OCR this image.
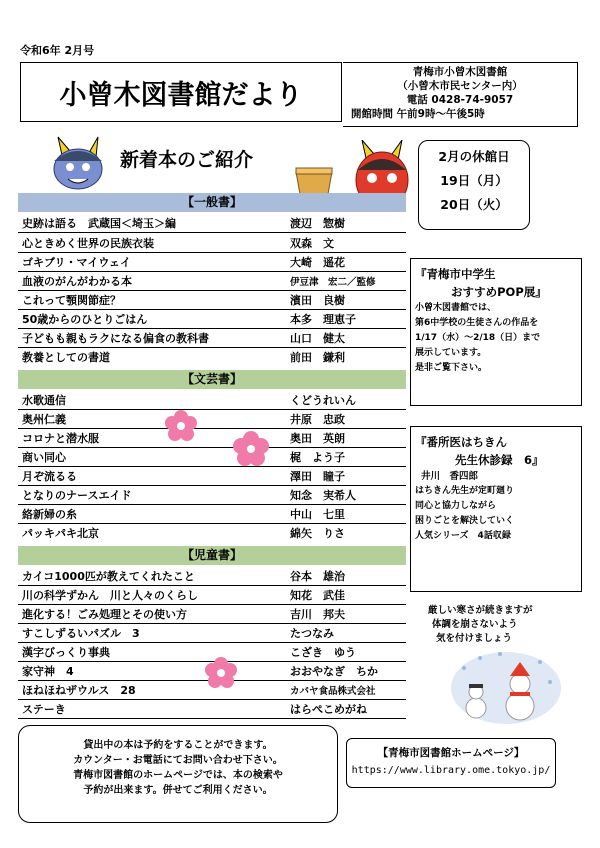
令和6年 2月号
小曾木図書館だより
青梅市小曾木図書館
（小曾木市民センター内）
電話 0428-74-9057
開館時間 午前9時～午後5時
新着本のご紹介	2月の休館日
19日（月）
20日（火）
【一般書】
史跡は語る　武蔵国＜埼玉＞編	渡辺　惣樹
心ときめく世界の民族衣装	双森　文
ゴキブリ・マイウェイ	大崎　遥花
血液のがんがわかる本	伊豆津　宏二／監修
これって顎関節症？	濱田　良樹
50歳からのひとりごはん	本多　理恵子
子どもも親もラクになる偏食の教科書	山口　健太
教養としての書道	前田　鎌利
【文芸書】
水歌通信	くどうれいん
奥州仁義	井原　忠政
コロナと潜水服	奥田　英朗
商い同心	梶　よう子
月ぞ流るる	澤田　瞳子
となりのナースエイド	知念　実希人
絡新婦の糸	中山　七里
パッキパキ北京	綿矢　りさ
【児童書】
カイコ1000匹が教えてくれたこと	谷本　雄治
川の科学ずかん　川と人々のくらし	知花　武佳
進化する！ごみ処理とその使い方	吉川　邦夫
すこしずるいパズル　3	たつなみ
漢字びっくり事典	こざき　ゆう
家守神　4	おおやなぎ　ちか
ほねほねザウルス　28	カバヤ食品株式会社
ステーき	はらぺこめがね
『青梅市中学生
おすすめPOP展』
小曾木図書館では、
第6中学校の生徒さんの作品を
1/17（水）～2/18（日）まで
展示しています。
是非ご覧下さい。
『番所医はちきん
先生休診録　6』
井川　香四郎
はちきん先生が定町廻り
同心と協力しながら
困りごとを解決していく
人気シリーズ　4話収録
厳しい寒さが続きますが
体調を崩さないよう
気を付けましょう
貸出中の本は予約をすることができます。
カウンター・お電話にてお問い合わせ下さい。
青梅市図書館のホームページでは、本の検索や
予約が出来ます。併せてご利用ください。
【青梅市図書館ホームページ】
https://www.library.ome.tokyo.jp/
